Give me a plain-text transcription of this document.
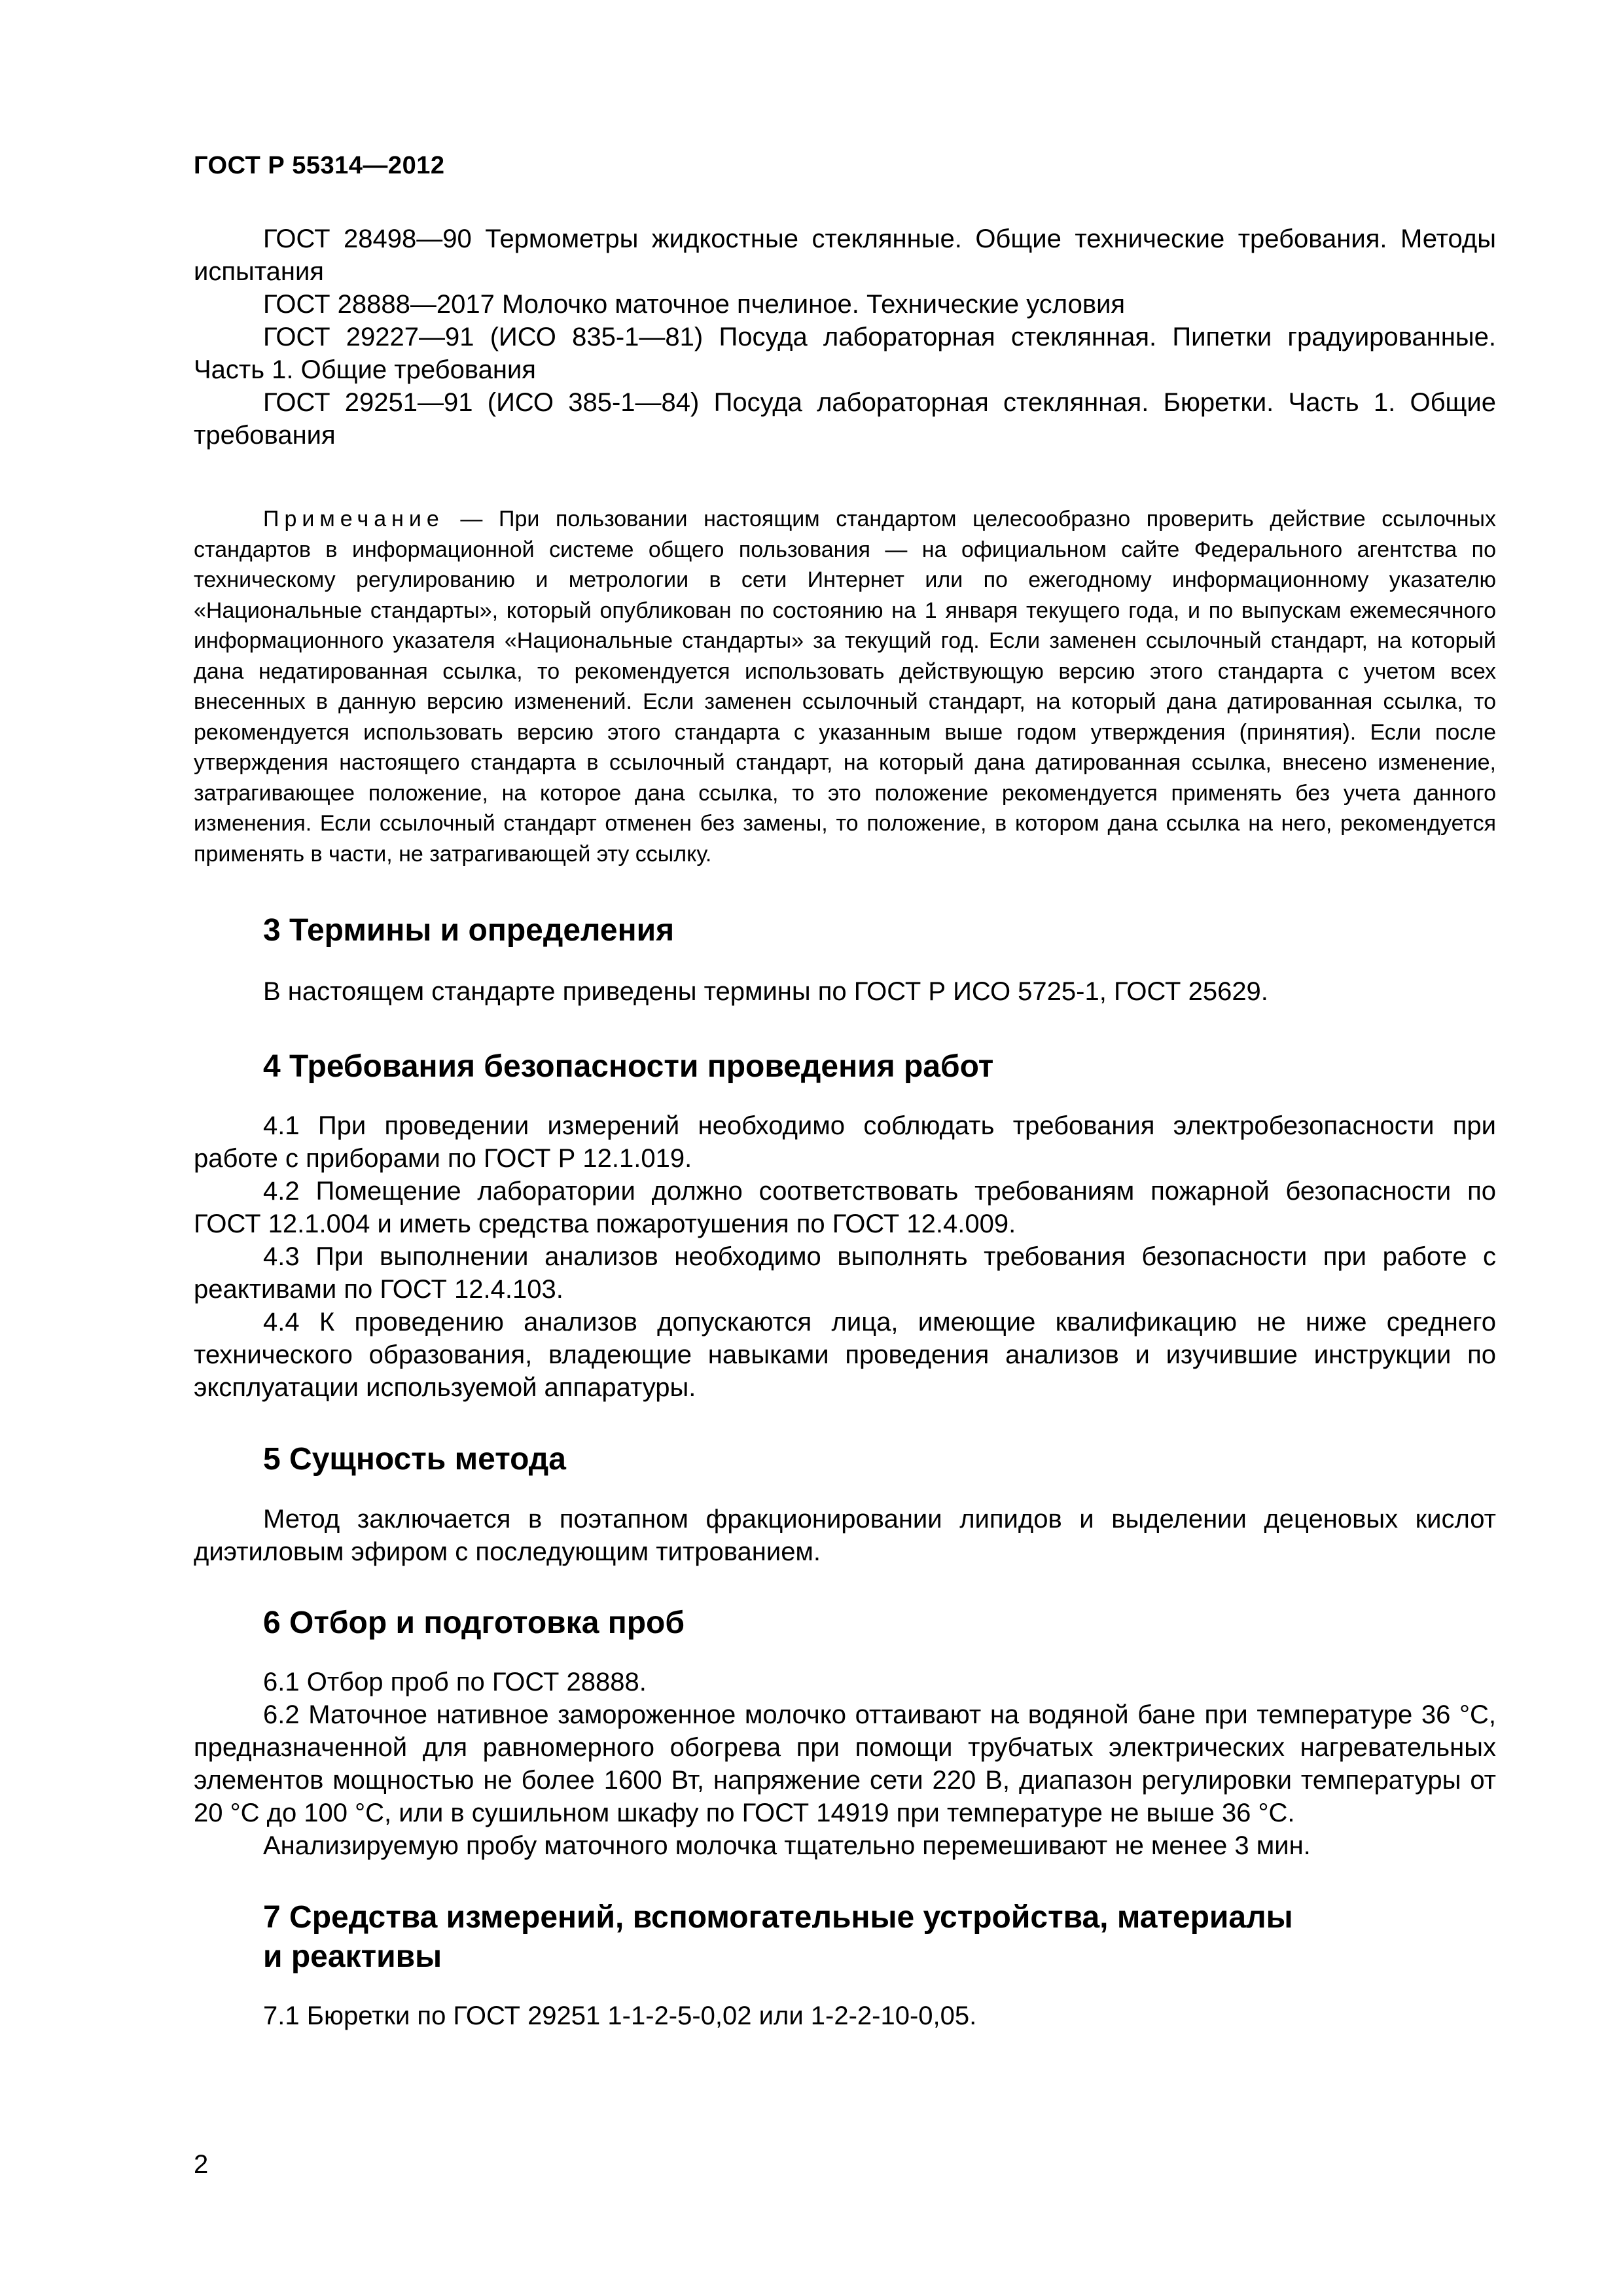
ГОСТ Р 55314—2012

ГОСТ 28498—90 Термометры жидкостные стеклянные. Общие технические требования. Методы испытания

ГОСТ 28888—2017 Молочко маточное пчелиное. Технические условия

ГОСТ 29227—91 (ИСО 835-1—81) Посуда лабораторная стеклянная. Пипетки градуированные. Часть 1. Общие требования

ГОСТ 29251—91 (ИСО 385-1—84) Посуда лабораторная стеклянная. Бюретки. Часть 1. Общие требования

Примечание — При пользовании настоящим стандартом целесообразно проверить действие ссылочных стандартов в информационной системе общего пользования — на официальном сайте Федерального агентства по техническому регулированию и метрологии в сети Интернет или по ежегодному информационному указателю «Национальные стандарты», который опубликован по состоянию на 1 января текущего года, и по выпускам ежемесячного информационного указателя «Национальные стандарты» за текущий год. Если заменен ссылочный стандарт, на который дана недатированная ссылка, то рекомендуется использовать действующую версию этого стандарта с учетом всех внесенных в данную версию изменений. Если заменен ссылочный стандарт, на который дана датированная ссылка, то рекомендуется использовать версию этого стандарта с указанным выше годом утверждения (принятия). Если после утверждения настоящего стандарта в ссылочный стандарт, на который дана датированная ссылка, внесено изменение, затрагивающее положение, на которое дана ссылка, то это положение рекомендуется применять без учета данного изменения. Если ссылочный стандарт отменен без замены, то положение, в котором дана ссылка на него, рекомендуется применять в части, не затрагивающей эту ссылку.

3 Термины и определения

В настоящем стандарте приведены термины по ГОСТ Р ИСО 5725-1, ГОСТ 25629.

4 Требования безопасности проведения работ

4.1 При проведении измерений необходимо соблюдать требования электробезопасности при работе с приборами по ГОСТ Р 12.1.019.

4.2 Помещение лаборатории должно соответствовать требованиям пожарной безопасности по ГОСТ 12.1.004 и иметь средства пожаротушения по ГОСТ 12.4.009.

4.3 При выполнении анализов необходимо выполнять требования безопасности при работе с реактивами по ГОСТ 12.4.103.

4.4 К проведению анализов допускаются лица, имеющие квалификацию не ниже среднего технического образования, владеющие навыками проведения анализов и изучившие инструкции по эксплуатации используемой аппаратуры.

5 Сущность метода

Метод заключается в поэтапном фракционировании липидов и выделении деценовых кислот диэтиловым эфиром с последующим титрованием.

6 Отбор и подготовка проб

6.1 Отбор проб по ГОСТ 28888.

6.2 Маточное нативное замороженное молочко оттаивают на водяной бане при температуре 36 °С, предназначенной для равномерного обогрева при помощи трубчатых электрических нагревательных элементов мощностью не более 1600 Вт, напряжение сети 220 В, диапазон регулировки температуры от 20 °С до 100 °С, или в сушильном шкафу по ГОСТ 14919 при температуре не выше 36 °С.

Анализируемую пробу маточного молочка тщательно перемешивают не менее 3 мин.

7 Средства измерений, вспомогательные устройства, материалы
и реактивы

7.1 Бюретки по ГОСТ 29251 1-1-2-5-0,02 или 1-2-2-10-0,05.

2
